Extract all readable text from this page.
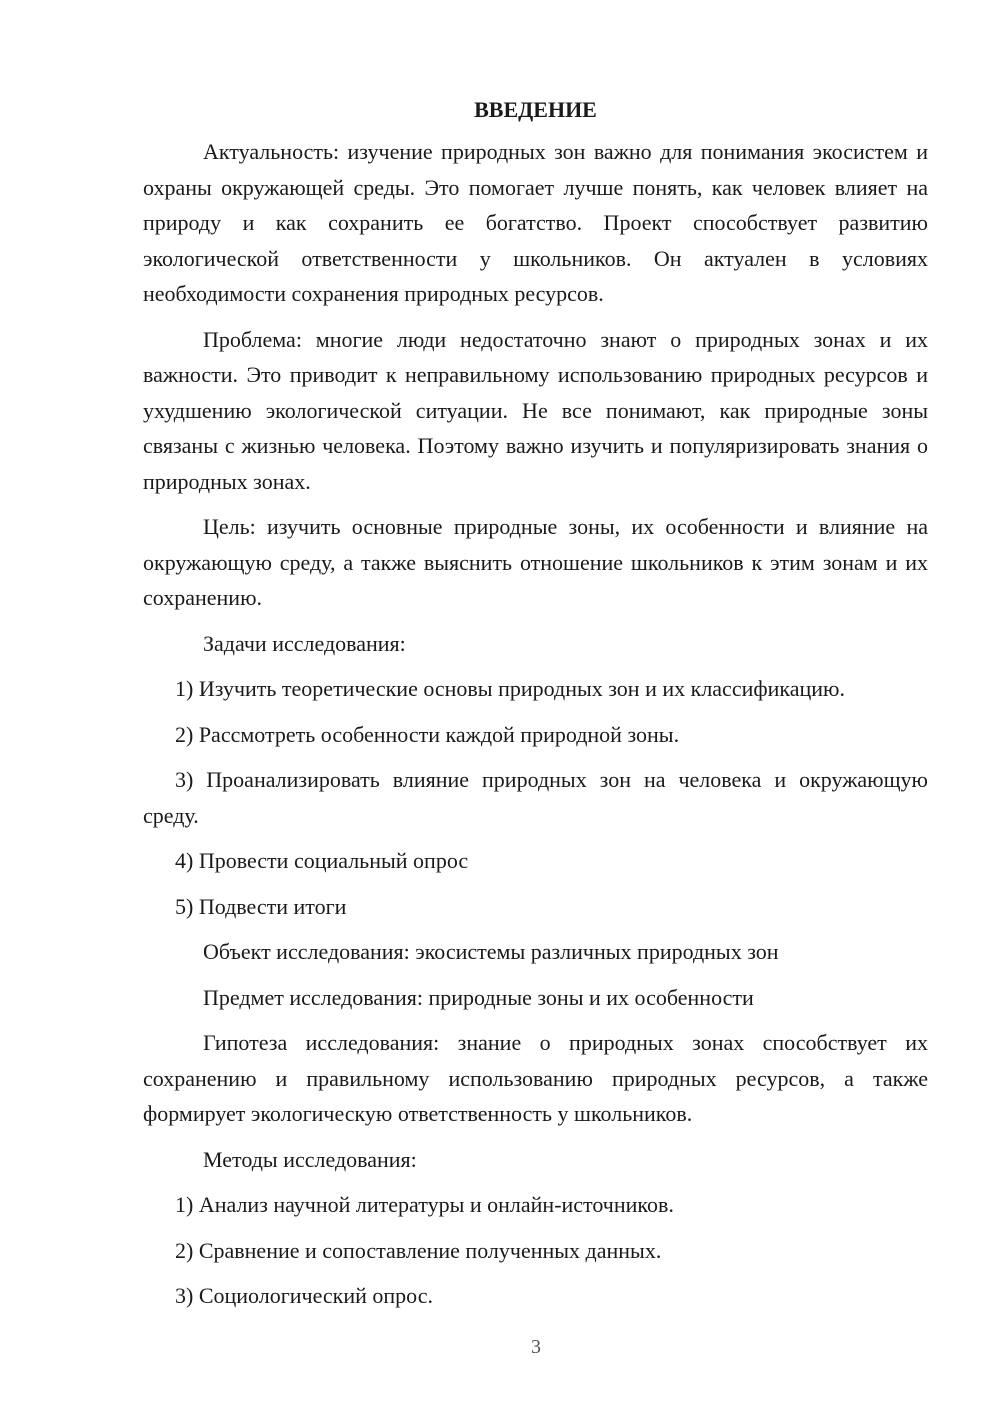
ВВЕДЕНИЕ

Актуальность: изучение природных зон важно для понимания экосистем и охраны окружающей среды. Это помогает лучше понять, как человек влияет на природу и как сохранить ее богатство. Проект способствует развитию экологической ответственности у школьников. Он актуален в условиях необходимости сохранения природных ресурсов.

Проблема: многие люди недостаточно знают о природных зонах и их важности. Это приводит к неправильному использованию природных ресурсов и ухудшению экологической ситуации. Не все понимают, как природные зоны связаны с жизнью человека. Поэтому важно изучить и популяризировать знания о природных зонах.

Цель: изучить основные природные зоны, их особенности и влияние на окружающую среду, а также выяснить отношение школьников к этим зонам и их сохранению.

Задачи исследования:

1) Изучить теоретические основы природных зон и их классификацию.

2) Рассмотреть особенности каждой природной зоны.

3) Проанализировать влияние природных зон на человека и окружающую среду.

4) Провести социальный опрос

5) Подвести итоги

Объект исследования: экосистемы различных природных зон

Предмет исследования: природные зоны и их особенности

Гипотеза исследования: знание о природных зонах способствует их сохранению и правильному использованию природных ресурсов, а также формирует экологическую ответственность у школьников.

Методы исследования:

1) Анализ научной литературы и онлайн-источников.

2) Сравнение и сопоставление полученных данных.

3) Социологический опрос.

3
